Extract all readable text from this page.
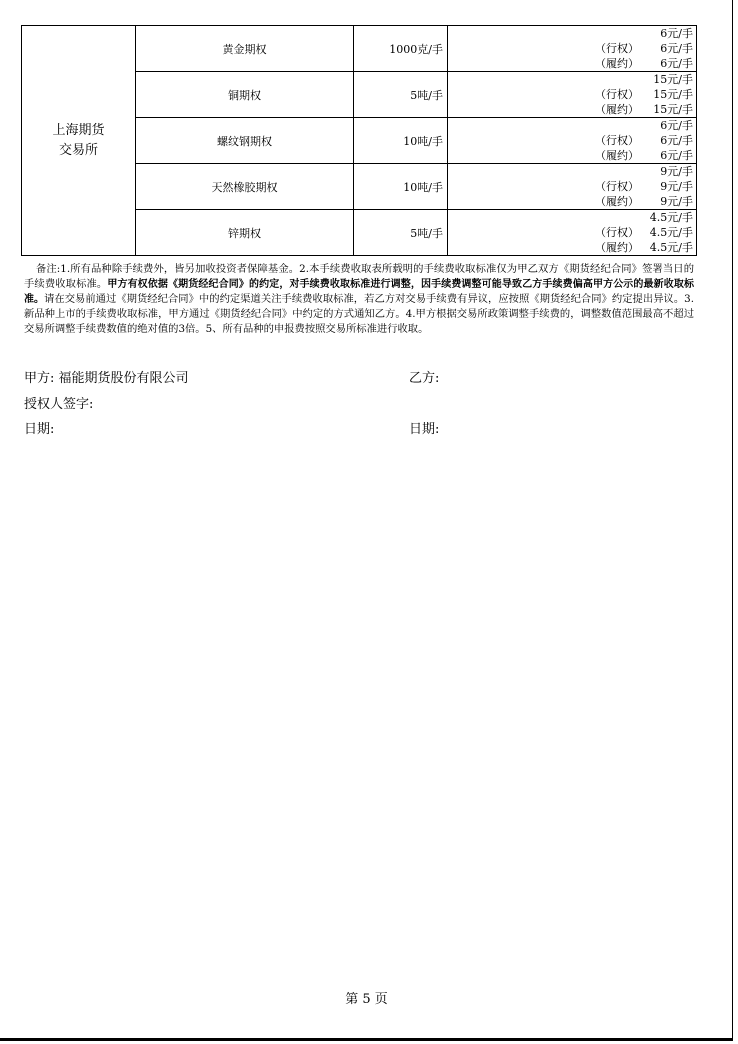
上海期货
交易所	黄金期权	1000克/手	6元/手
（行权） 6元/手
（履约） 6元/手

	铜期权	5吨/手	15元/手
（行权） 15元/手
（履约） 15元/手

	螺纹钢期权	10吨/手	6元/手
（行权） 6元/手
（履约） 6元/手

	天然橡胶期权	10吨/手	9元/手
（行权） 9元/手
（履约） 9元/手

	锌期权	5吨/手	4.5元/手
（行权） 4.5元/手
（履约） 4.5元/手
备注:1.所有品种除手续费外，皆另加收投资者保障基金。2.本手续费收取表所载明的手续费收取标准仅为甲乙双方《期货经纪合同》签署当日的手续费收取标准。甲方有权依据《期货经纪合同》的约定，对手续费收取标准进行调整，因手续费调整可能导致乙方手续费偏高甲方公示的最新收取标准。请在交易前通过《期货经纪合同》中的约定渠道关注手续费收取标准，若乙方对交易手续费有异议，应按照《期货经纪合同》约定提出异议。3.新品种上市的手续费收取标准，甲方通过《期货经纪合同》中约定的方式通知乙方。4.甲方根据交易所政策调整手续费的，调整数值范围最高不超过交易所调整手续费数值的绝对值的3倍。5、所有品种的申报费按照交易所标准进行收取。
甲方: 福能期货股份有限公司	乙方:
授权人签字:
日期:	日期:
第 5 页
